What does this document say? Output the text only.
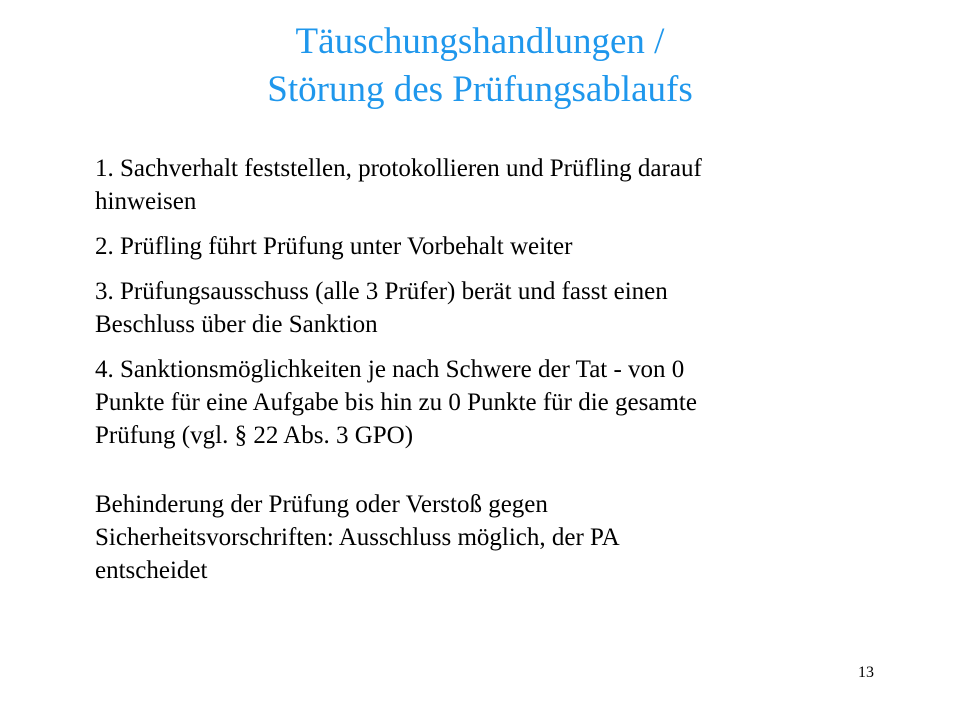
Täuschungshandlungen /
Störung des Prüfungsablaufs
1. Sachverhalt feststellen, protokollieren und Prüfling darauf
hinweisen
2. Prüfling führt Prüfung unter Vorbehalt weiter
3. Prüfungsausschuss (alle 3 Prüfer) berät und fasst einen
Beschluss über die Sanktion
4. Sanktionsmöglichkeiten je nach Schwere der Tat - von 0
Punkte für eine Aufgabe bis hin zu 0 Punkte für die gesamte
Prüfung (vgl. § 22 Abs. 3 GPO)
Behinderung der Prüfung oder Verstoß gegen
Sicherheitsvorschriften: Ausschluss möglich, der PA
entscheidet
13
